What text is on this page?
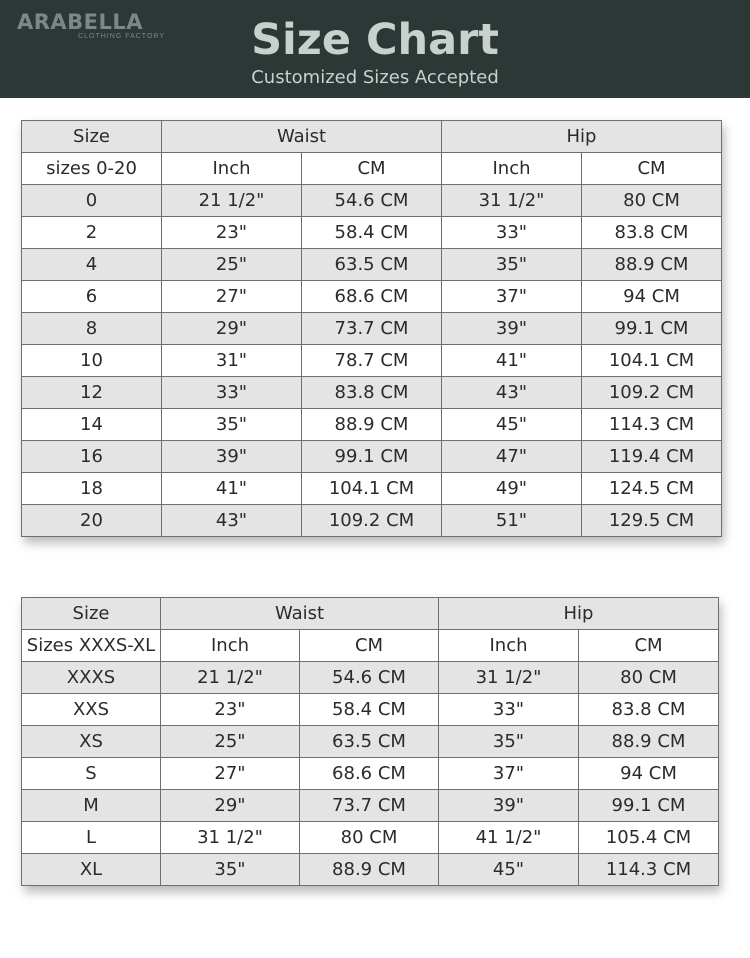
ARABELLA
CLOTHING FACTORY	Size Chart
Customized Sizes Accepted
Size	Waist		Hip	
sizes 0-20	Inch	CM	Inch	CM
0	21 1/2"	54.6 CM	31 1/2"	80 CM
2	23"	58.4 CM	33"	83.8 CM
4	25"	63.5 CM	35"	88.9 CM
6	27"	68.6 CM	37"	94 CM
8	29"	73.7 CM	39"	99.1 CM
10	31"	78.7 CM	41"	104.1 CM
12	33"	83.8 CM	43"	109.2 CM
14	35"	88.9 CM	45"	114.3 CM
16	39"	99.1 CM	47"	119.4 CM
18	41"	104.1 CM	49"	124.5 CM
20	43"	109.2 CM	51"	129.5 CM
Size	Waist		Hip	
Sizes XXXS-XL	Inch	CM	Inch	CM
XXXS	21 1/2"	54.6 CM	31 1/2"	80 CM
XXS	23"	58.4 CM	33"	83.8 CM
XS	25"	63.5 CM	35"	88.9 CM
S	27"	68.6 CM	37"	94 CM
M	29"	73.7 CM	39"	99.1 CM
L	31 1/2"	80 CM	41 1/2"	105.4 CM
XL	35"	88.9 CM	45"	114.3 CM
